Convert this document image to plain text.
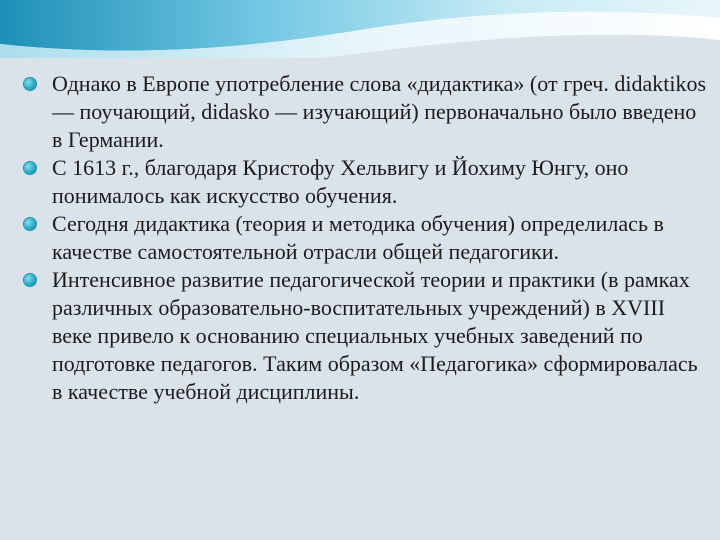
Однако в Европе употребление слова «дидактика» (от греч. didaktikos — поучающий, didasko — изучающий) первоначально было введено в Германии.
С 1613 г., благодаря Кристофу Хельвигу и Йохиму Юнгу, оно понималось как искусство обучения.
Сегодня дидактика (теория и методика обучения) определилась в качестве самостоятельной отрасли общей педагогики.
Интенсивное развитие педагогической теории и практики (в рамках различных образовательно-воспитательных учреждений) в XVIII веке привело к основанию специальных учебных заведений по подготовке педагогов. Таким образом «Педагогика» сформировалась в качестве учебной дисциплины.
